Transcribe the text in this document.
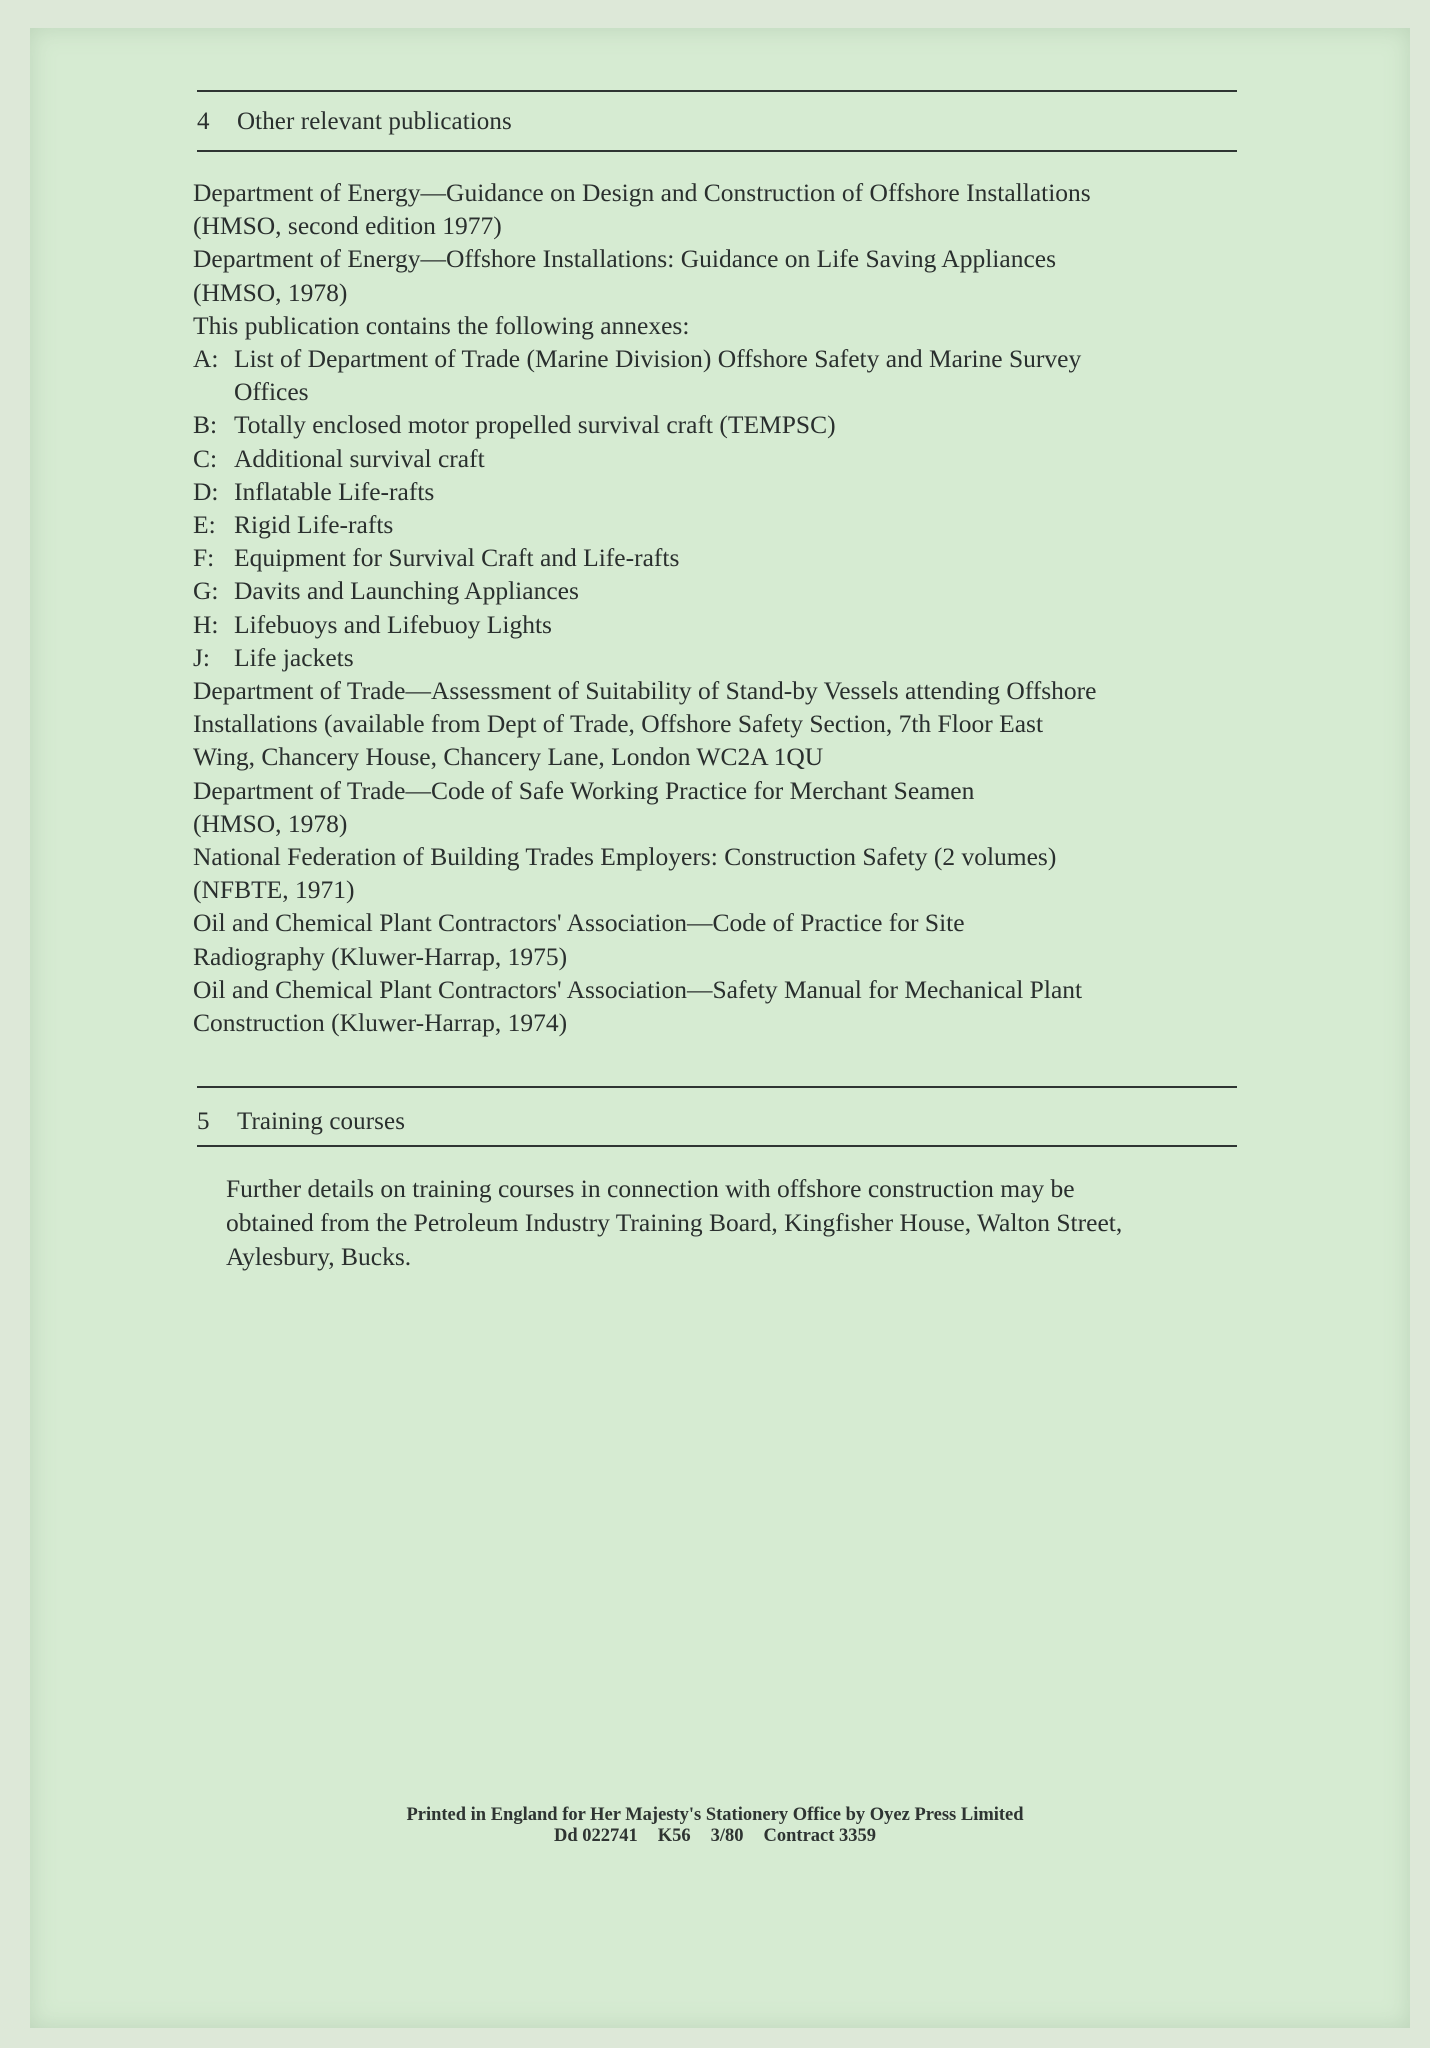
4 Other relevant publications
Department of Energy—Guidance on Design and Construction of Offshore Installations
(HMSO, second edition 1977)
Department of Energy—Offshore Installations: Guidance on Life Saving Appliances
(HMSO, 1978)
This publication contains the following annexes:
A: List of Department of Trade (Marine Division) Offshore Safety and Marine Survey
Offices
B: Totally enclosed motor propelled survival craft (TEMPSC)
C: Additional survival craft
D: Inflatable Life-rafts
E: Rigid Life-rafts
F: Equipment for Survival Craft and Life-rafts
G: Davits and Launching Appliances
H: Lifebuoys and Lifebuoy Lights
J: Life jackets
Department of Trade—Assessment of Suitability of Stand-by Vessels attending Offshore
Installations (available from Dept of Trade, Offshore Safety Section, 7th Floor East
Wing, Chancery House, Chancery Lane, London WC2A 1QU
Department of Trade—Code of Safe Working Practice for Merchant Seamen
(HMSO, 1978)
National Federation of Building Trades Employers: Construction Safety (2 volumes)
(NFBTE, 1971)
Oil and Chemical Plant Contractors' Association—Code of Practice for Site
Radiography (Kluwer-Harrap, 1975)
Oil and Chemical Plant Contractors' Association—Safety Manual for Mechanical Plant
Construction (Kluwer-Harrap, 1974)
5 Training courses
Further details on training courses in connection with offshore construction may be
obtained from the Petroleum Industry Training Board, Kingfisher House, Walton Street,
Aylesbury, Bucks.
Printed in England for Her Majesty's Stationery Office by Oyez Press Limited
Dd 022741 K56 3/80 Contract 3359
